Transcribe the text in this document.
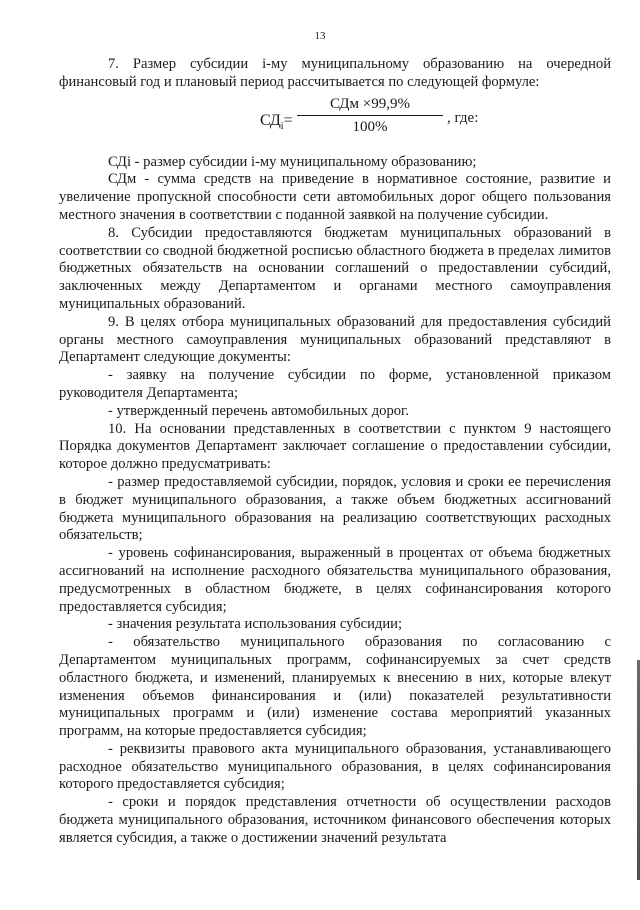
13

7. Размер субсидии i-му муниципальному образованию на очередной финансовый год и плановый период рассчитывается по следующей формуле:

$СД_i=$
СДм ×99,9%
100%
, где:

СДi - размер субсидии i-му муниципальному образованию;

СДм - сумма средств на приведение в нормативное состояние, развитие и увеличение пропускной способности сети автомобильных дорог общего пользования местного значения в соответствии с поданной заявкой на получение субсидии.

8. Субсидии предоставляются бюджетам муниципальных образований в соответствии со сводной бюджетной росписью областного бюджета в пределах лимитов бюджетных обязательств на основании соглашений о предоставлении субсидий, заключенных между Департаментом и органами местного самоуправления муниципальных образований.

9. В целях отбора муниципальных образований для предоставления субсидий органы местного самоуправления муниципальных образований представляют в Департамент следующие документы:

- заявку на получение субсидии по форме, установленной приказом руководителя Департамента;

- утвержденный перечень автомобильных дорог.

10. На основании представленных в соответствии с пунктом 9 настоящего Порядка документов Департамент заключает соглашение о предоставлении субсидии, которое должно предусматривать:

- размер предоставляемой субсидии, порядок, условия и сроки ее перечисления в бюджет муниципального образования, а также объем бюджетных ассигнований бюджета муниципального образования на реализацию соответствующих расходных обязательств;

- уровень софинансирования, выраженный в процентах от объема бюджетных ассигнований на исполнение расходного обязательства муниципального образования, предусмотренных в областном бюджете, в целях софинансирования которого предоставляется субсидия;

- значения результата использования субсидии;

- обязательство муниципального образования по согласованию с Департаментом муниципальных программ, софинансируемых за счет средств областного бюджета, и изменений, планируемых к внесению в них, которые влекут изменения объемов финансирования и (или) показателей результативности муниципальных программ и (или) изменение состава мероприятий указанных программ, на которые предоставляется субсидия;

- реквизиты правового акта муниципального образования, устанавливающего расходное обязательство муниципального образования, в целях софинансирования которого предоставляется субсидия;

- сроки и порядок представления отчетности об осуществлении расходов бюджета муниципального образования, источником финансового обеспечения которых является субсидия, а также о достижении значений результата
